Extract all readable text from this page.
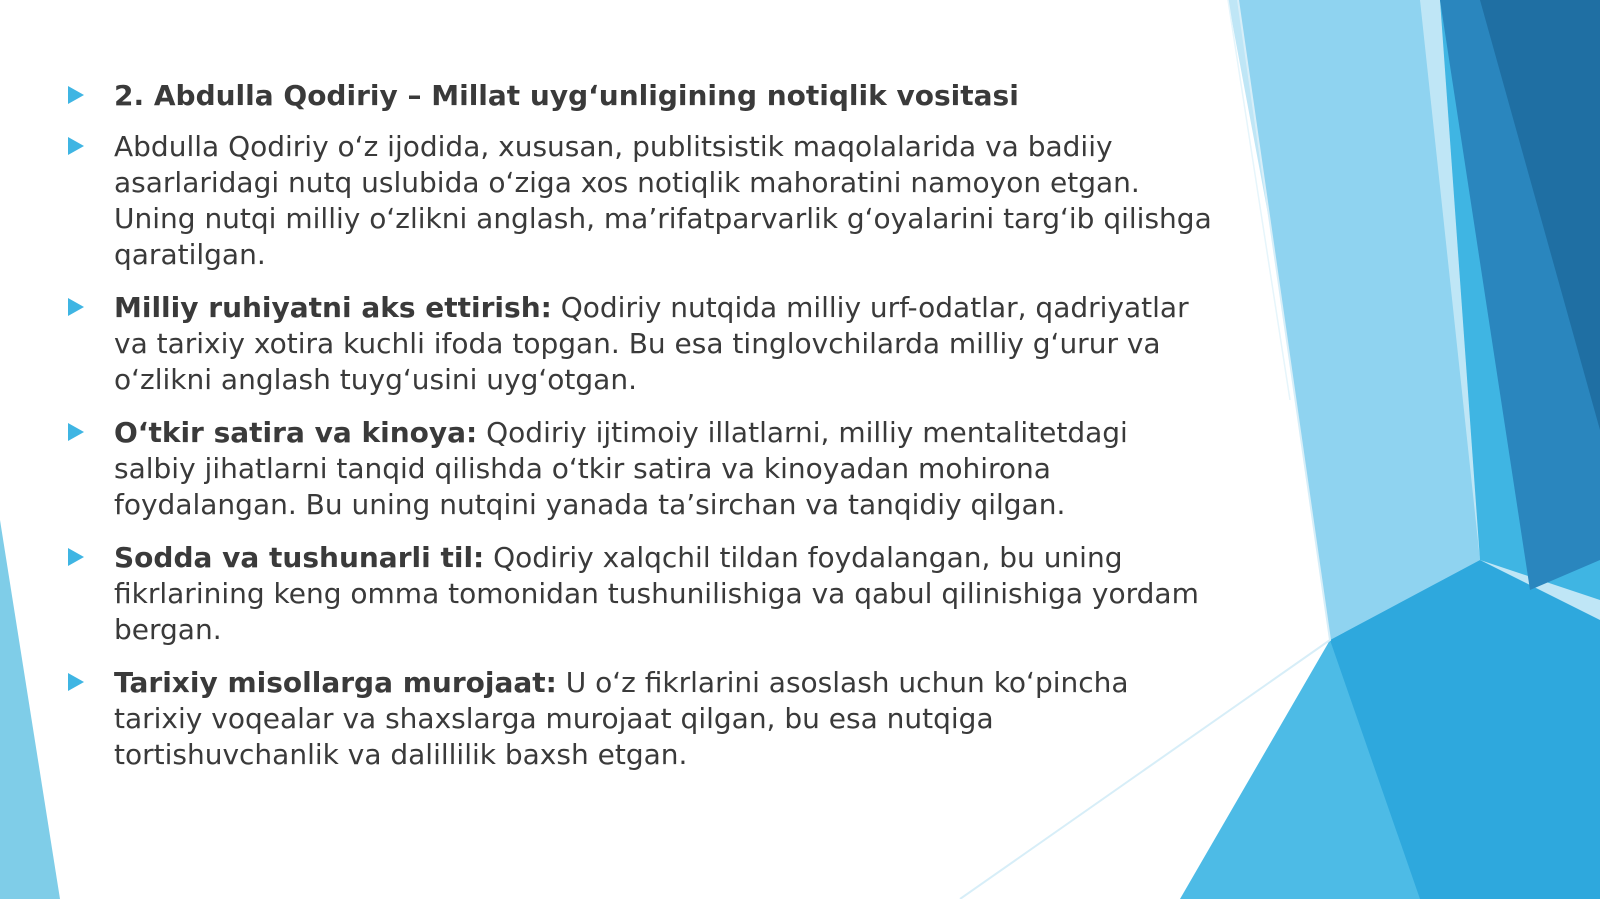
2. Abdulla Qodiriy – Millat uygʻunligining notiqlik vositasi
Abdulla Qodiriy oʻz ijodida, xususan, publitsistik maqolalarida va badiiy asarlaridagi nutq uslubida oʻziga xos notiqlik mahoratini namoyon etgan. Uning nutqi milliy oʻzlikni anglash, ma’rifatparvarlik gʻoyalarini targʻib qilishga qaratilgan.
Milliy ruhiyatni aks ettirish: Qodiriy nutqida milliy urf-odatlar, qadriyatlar va tarixiy xotira kuchli ifoda topgan. Bu esa tinglovchilarda milliy gʻurur va oʻzlikni anglash tuygʻusini uygʻotgan.
Oʻtkir satira va kinoya: Qodiriy ijtimoiy illatlarni, milliy mentalitetdagi salbiy jihatlarni tanqid qilishda oʻtkir satira va kinoyadan mohirona foydalangan. Bu uning nutqini yanada ta’sirchan va tanqidiy qilgan.
Sodda va tushunarli til: Qodiriy xalqchil tildan foydalangan, bu uning fikrlarining keng omma tomonidan tushunilishiga va qabul qilinishiga yordam bergan.
Tarixiy misollarga murojaat: U oʻz fikrlarini asoslash uchun koʻpincha tarixiy voqealar va shaxslarga murojaat qilgan, bu esa nutqiga tortishuvchanlik va dalillilik baxsh etgan.
